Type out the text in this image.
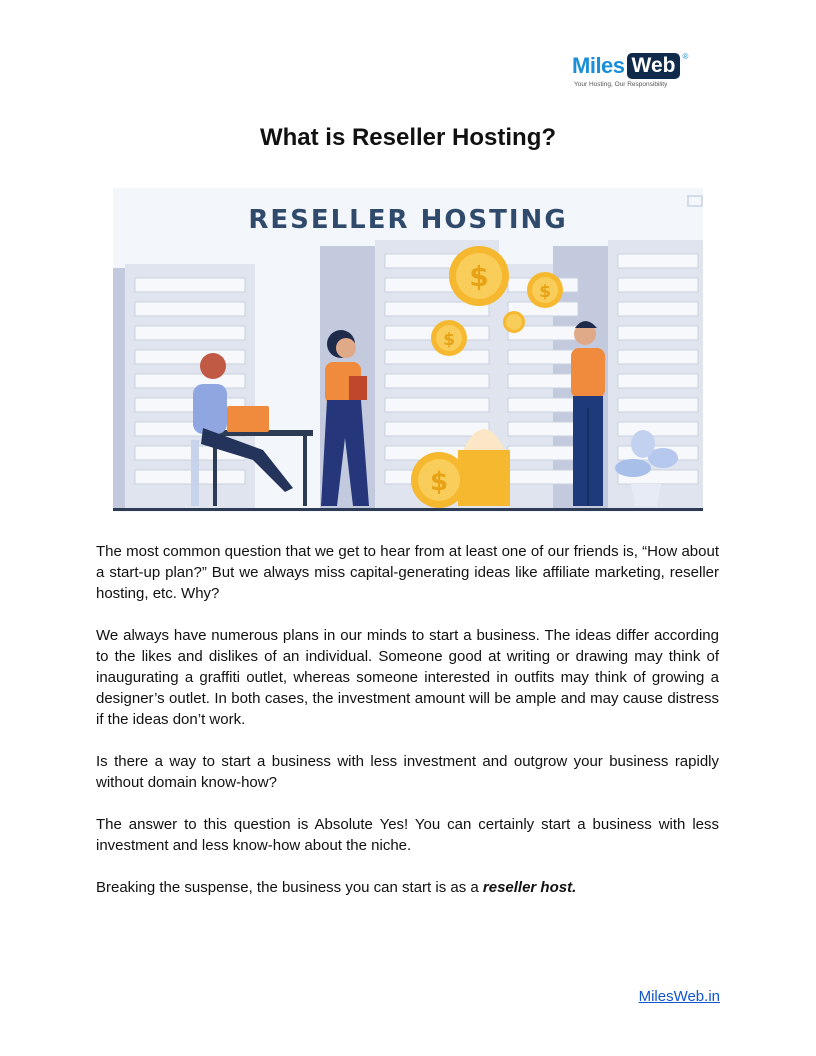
Miles Web ®
Your Hosting, Our Responsibility
What is Reseller Hosting?
RESELLER HOSTING
$	$
$
$

The most common question that we get to hear from at least one of our friends is, “How about a start-up plan?” But we always miss capital-generating ideas like affiliate marketing, reseller hosting, etc. Why?

We always have numerous plans in our minds to start a business. The ideas differ according to the likes and dislikes of an individual. Someone good at writing or drawing may think of inaugurating a graffiti outlet, whereas someone interested in outfits may think of growing a designer’s outlet. In both cases, the investment amount will be ample and may cause distress if the ideas don’t work.

Is there a way to start a business with less investment and outgrow your business rapidly without domain know-how?

The answer to this question is Absolute Yes! You can certainly start a business with less investment and less know-how about the niche.

Breaking the suspense, the business you can start is as a reseller host.

MilesWeb.in
